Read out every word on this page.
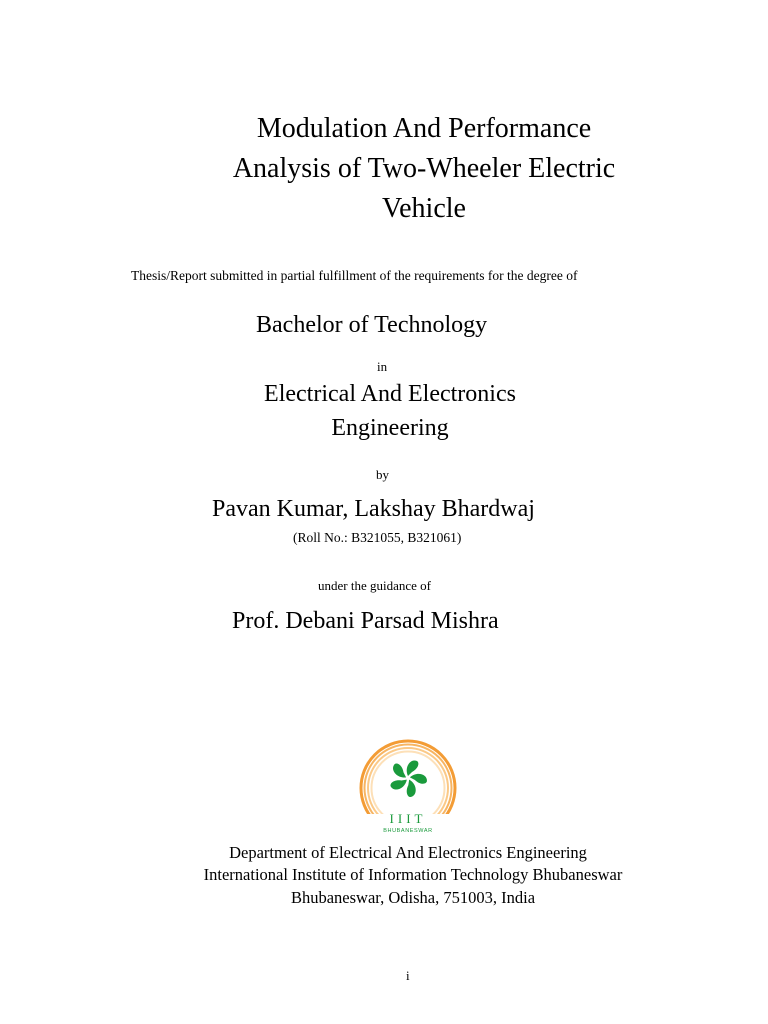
Modulation And Performance
Analysis of Two-Wheeler Electric
Vehicle
Thesis/Report submitted in partial fulfillment of the requirements for the degree of
Bachelor of Technology
in
Electrical And Electronics
Engineering
by
Pavan Kumar, Lakshay Bhardwaj
(Roll No.: B321055, B321061)
under the guidance of
Prof. Debani Parsad Mishra
IIIT
BHUBANESWAR
Department of Electrical And Electronics Engineering
International Institute of Information Technology Bhubaneswar
Bhubaneswar, Odisha, 751003, India
i
